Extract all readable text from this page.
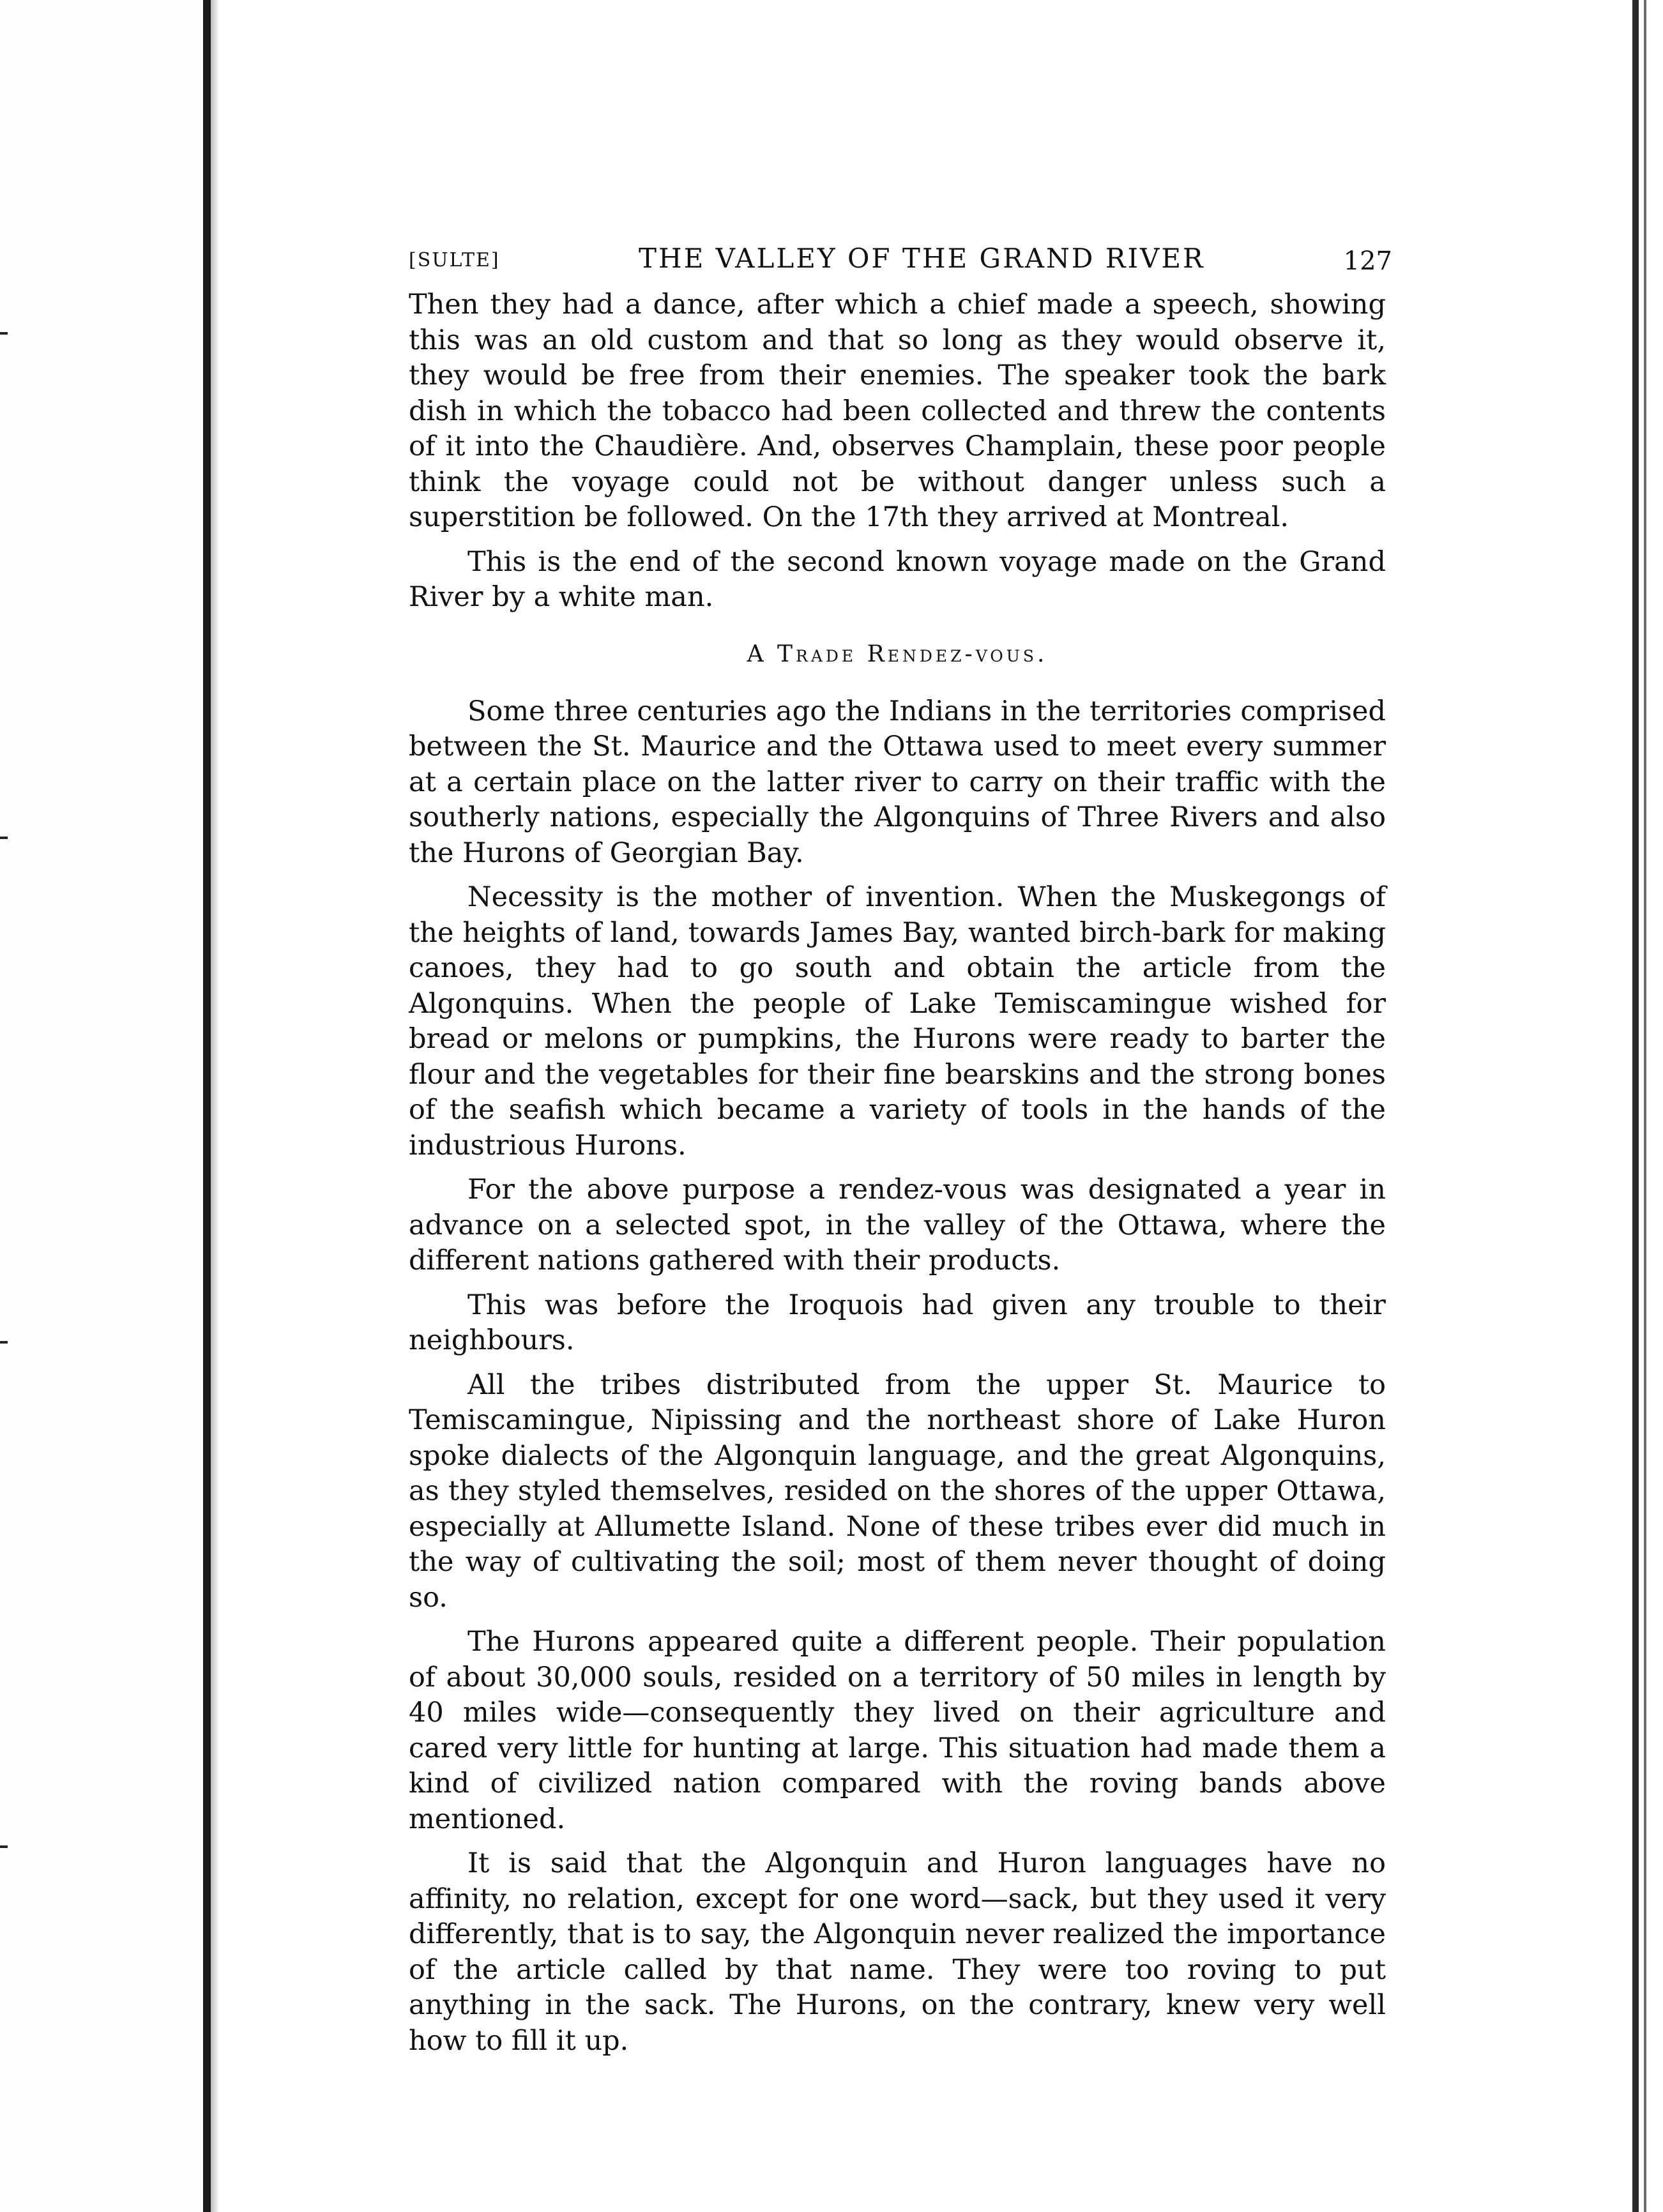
[SULTE]	THE VALLEY OF THE GRAND RIVER	127

Then they had a dance, after which a chief made a speech, showing this was an old custom and that so long as they would observe it, they would be free from their enemies. The speaker took the bark dish in which the tobacco had been collected and threw the contents of it into the Chaudière. And, observes Champlain, these poor people think the voyage could not be without danger unless such a superstition be followed. On the 17th they arrived at Montreal.

This is the end of the second known voyage made on the Grand River by a white man.

A Trade Rendez-vous.

Some three centuries ago the Indians in the territories comprised between the St. Maurice and the Ottawa used to meet every summer at a certain place on the latter river to carry on their traffic with the southerly nations, especially the Algonquins of Three Rivers and also the Hurons of Georgian Bay.

Necessity is the mother of invention. When the Muskegongs of the heights of land, towards James Bay, wanted birch-bark for making canoes, they had to go south and obtain the article from the Algonquins. When the people of Lake Temiscamingue wished for bread or melons or pumpkins, the Hurons were ready to barter the flour and the vegetables for their fine bearskins and the strong bones of the seafish which became a variety of tools in the hands of the industrious Hurons.

For the above purpose a rendez-vous was designated a year in advance on a selected spot, in the valley of the Ottawa, where the different nations gathered with their products.

This was before the Iroquois had given any trouble to their neighbours.

All the tribes distributed from the upper St. Maurice to Temiscamingue, Nipissing and the northeast shore of Lake Huron spoke dialects of the Algonquin language, and the great Algonquins, as they styled themselves, resided on the shores of the upper Ottawa, especially at Allumette Island. None of these tribes ever did much in the way of cultivating the soil; most of them never thought of doing so.

The Hurons appeared quite a different people. Their population of about 30,000 souls, resided on a territory of 50 miles in length by 40 miles wide—consequently they lived on their agriculture and cared very little for hunting at large. This situation had made them a kind of civilized nation compared with the roving bands above mentioned.

It is said that the Algonquin and Huron languages have no affinity, no relation, except for one word—sack, but they used it very differently, that is to say, the Algonquin never realized the importance of the article called by that name. They were too roving to put anything in the sack. The Hurons, on the contrary, knew very well how to fill it up.
